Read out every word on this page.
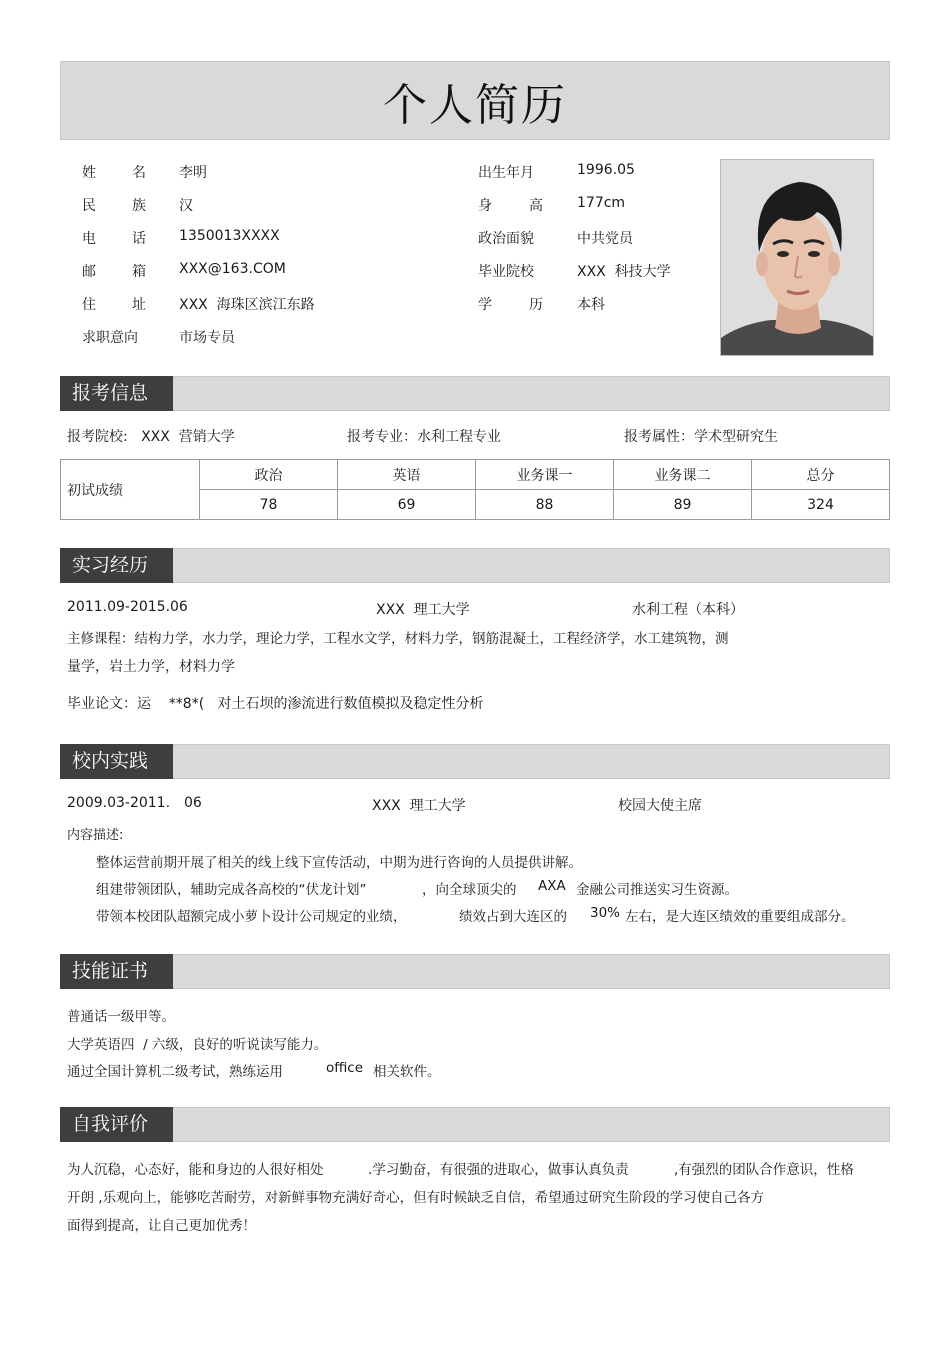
个人简历
姓	名 李明
民	族 汉
电	话 1350013XXXX
邮	箱 XXX@163.COM
住	址 XXX  海珠区滨江东路
求职意向	市场专员
出生年月	1996.05
身	高 177cm
政治面貌	中共党员
毕业院校	XXX  科技大学
学	历 本科
报考信息
报考院校:   XXX  营销大学	报考专业：水利工程专业	报考属性：学术型研究生
初试成绩	政治	英语	业务课一	业务课二	总分
	78	69	88	89	324
实习经历
2011.09-2015.06	XXX  理工大学	水利工程（本科）
主修课程：结构力学，水力学，理论力学，工程水文学，材料力学，钢筋混凝土，工程经济学，水工建筑物，测
量学，岩土力学，材料力学
毕业论文：运    **8*(   对土石坝的渗流进行数值模拟及稳定性分析
校内实践
2009.03-2011. 06	XXX  理工大学	校园大使主席
内容描述:
整体运营前期开展了相关的线上线下宣传活动，中期为进行咨询的人员提供讲解。
组建带领团队，辅助完成各高校的“伏龙计划”	，向全球顶尖的 AXA 金融公司推送实习生资源。
带领本校团队超额完成小萝卜设计公司规定的业绩，	绩效占到大连区的 30% 左右，是大连区绩效的重要组成部分。
技能证书
普通话一级甲等。
大学英语四  / 六级，良好的听说读写能力。
通过全国计算机二级考试，熟练运用	office 相关软件。
自我评价
为人沉稳，心态好，能和身边的人很好相处	.学习勤奋，有很强的进取心，做事认真负责	,有强烈的团队合作意识，性格
开朗 ,乐观向上，能够吃苦耐劳，对新鲜事物充满好奇心，但有时候缺乏自信，希望通过研究生阶段的学习使自己各方
面得到提高，让自己更加优秀！
